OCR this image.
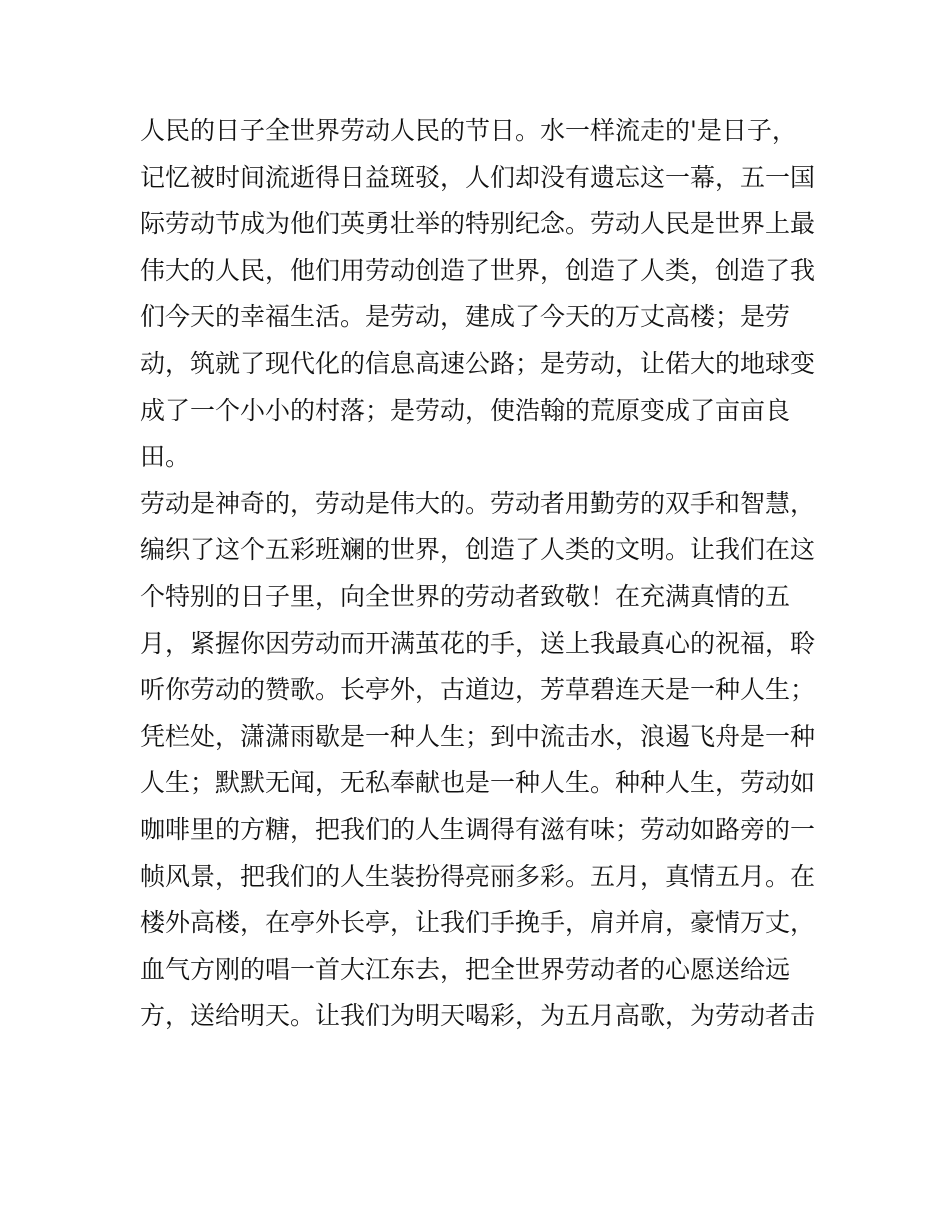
人民的日子全世界劳动人民的节日。水一样流走的'是日子，
记忆被时间流逝得日益斑驳，人们却没有遗忘这一幕，五一国
际劳动节成为他们英勇壮举的特别纪念。劳动人民是世界上最
伟大的人民，他们用劳动创造了世界，创造了人类，创造了我
们今天的幸福生活。是劳动，建成了今天的万丈高楼；是劳
动，筑就了现代化的信息高速公路；是劳动，让偌大的地球变
成了一个小小的村落；是劳动，使浩翰的荒原变成了亩亩良
田。
劳动是神奇的，劳动是伟大的。劳动者用勤劳的双手和智慧，
编织了这个五彩班斓的世界，创造了人类的文明。让我们在这
个特别的日子里，向全世界的劳动者致敬！在充满真情的五
月，紧握你因劳动而开满茧花的手，送上我最真心的祝福，聆
听你劳动的赞歌。长亭外，古道边，芳草碧连天是一种人生；
凭栏处，潇潇雨歇是一种人生；到中流击水，浪遏飞舟是一种
人生；默默无闻，无私奉献也是一种人生。种种人生，劳动如
咖啡里的方糖，把我们的人生调得有滋有味；劳动如路旁的一
帧风景，把我们的人生装扮得亮丽多彩。五月，真情五月。在
楼外高楼，在亭外长亭，让我们手挽手，肩并肩，豪情万丈，
血气方刚的唱一首大江东去，把全世界劳动者的心愿送给远
方，送给明天。让我们为明天喝彩，为五月高歌，为劳动者击
